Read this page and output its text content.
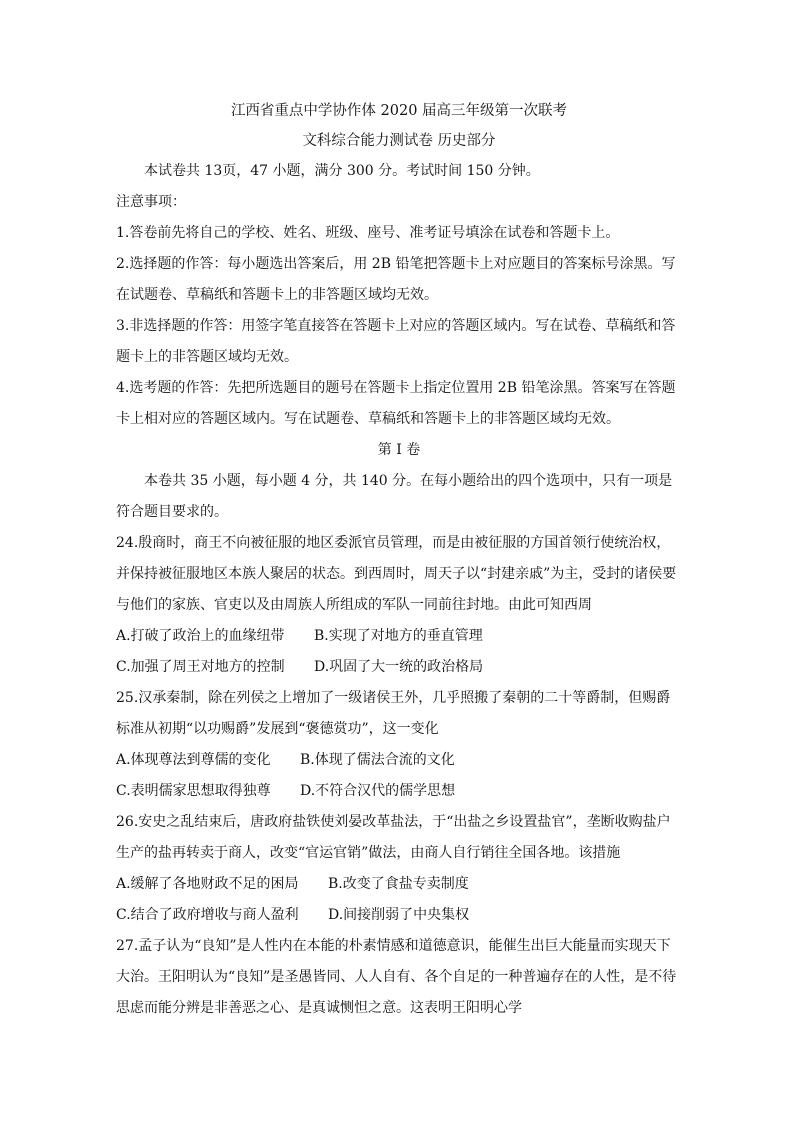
江西省重点中学协作体 2020 届高三年级第一次联考
文科综合能力测试卷 历史部分

本试卷共 13页，47 小题，满分 300 分。考试时间 150 分钟。

注意事项：

1.答卷前先将自己的学校、姓名、班级、座号、准考证号填涂在试卷和答题卡上。

2.选择题的作答：每小题选出答案后，用 2B 铅笔把答题卡上对应题目的答案标号涂黑。写在试题卷、草稿纸和答题卡上的非答题区域均无效。

3.非选择题的作答：用签字笔直接答在答题卡上对应的答题区域内。写在试卷、草稿纸和答题卡上的非答题区域均无效。

4.选考题的作答：先把所选题目的题号在答题卡上指定位置用 2B 铅笔涂黑。答案写在答题卡上相对应的答题区域内。写在试题卷、草稿纸和答题卡上的非答题区域均无效。

第 I 卷

本卷共 35 小题，每小题 4 分，共 140 分。在每小题给出的四个选项中，只有一项是符合题目要求的。

24.殷商时，商王不向被征服的地区委派官员管理，而是由被征服的方国首领行使统治权，并保持被征服地区本族人聚居的状态。到西周时，周天子以“封建亲戚”为主，受封的诸侯要与他们的家族、官吏以及由周族人所组成的军队一同前往封地。由此可知西周

A.打破了政治上的血缘纽带	B.实现了对地方的垂直管理
C.加强了周王对地方的控制	D.巩固了大一统的政治格局

25.汉承秦制，除在列侯之上增加了一级诸侯王外，几乎照搬了秦朝的二十等爵制，但赐爵标准从初期“以功赐爵”发展到“褒德赏功”，这一变化

A.体现尊法到尊儒的变化	B.体现了儒法合流的文化
C.表明儒家思想取得独尊	D.不符合汉代的儒学思想

26.安史之乱结束后，唐政府盐铁使刘晏改革盐法，于“出盐之乡设置盐官”，垄断收购盐户生产的盐再转卖于商人，改变“官运官销”做法，由商人自行销往全国各地。该措施

A.缓解了各地财政不足的困局	B.改变了食盐专卖制度
C.结合了政府增收与商人盈利	D.间接削弱了中央集权

27.孟子认为“良知”是人性内在本能的朴素情感和道德意识，能催生出巨大能量而实现天下大治。王阳明认为“良知”是圣愚皆同、人人自有、各个自足的一种普遍存在的人性，是不待思虑而能分辨是非善恶之心、是真诚恻怛之意。这表明王阳明心学
